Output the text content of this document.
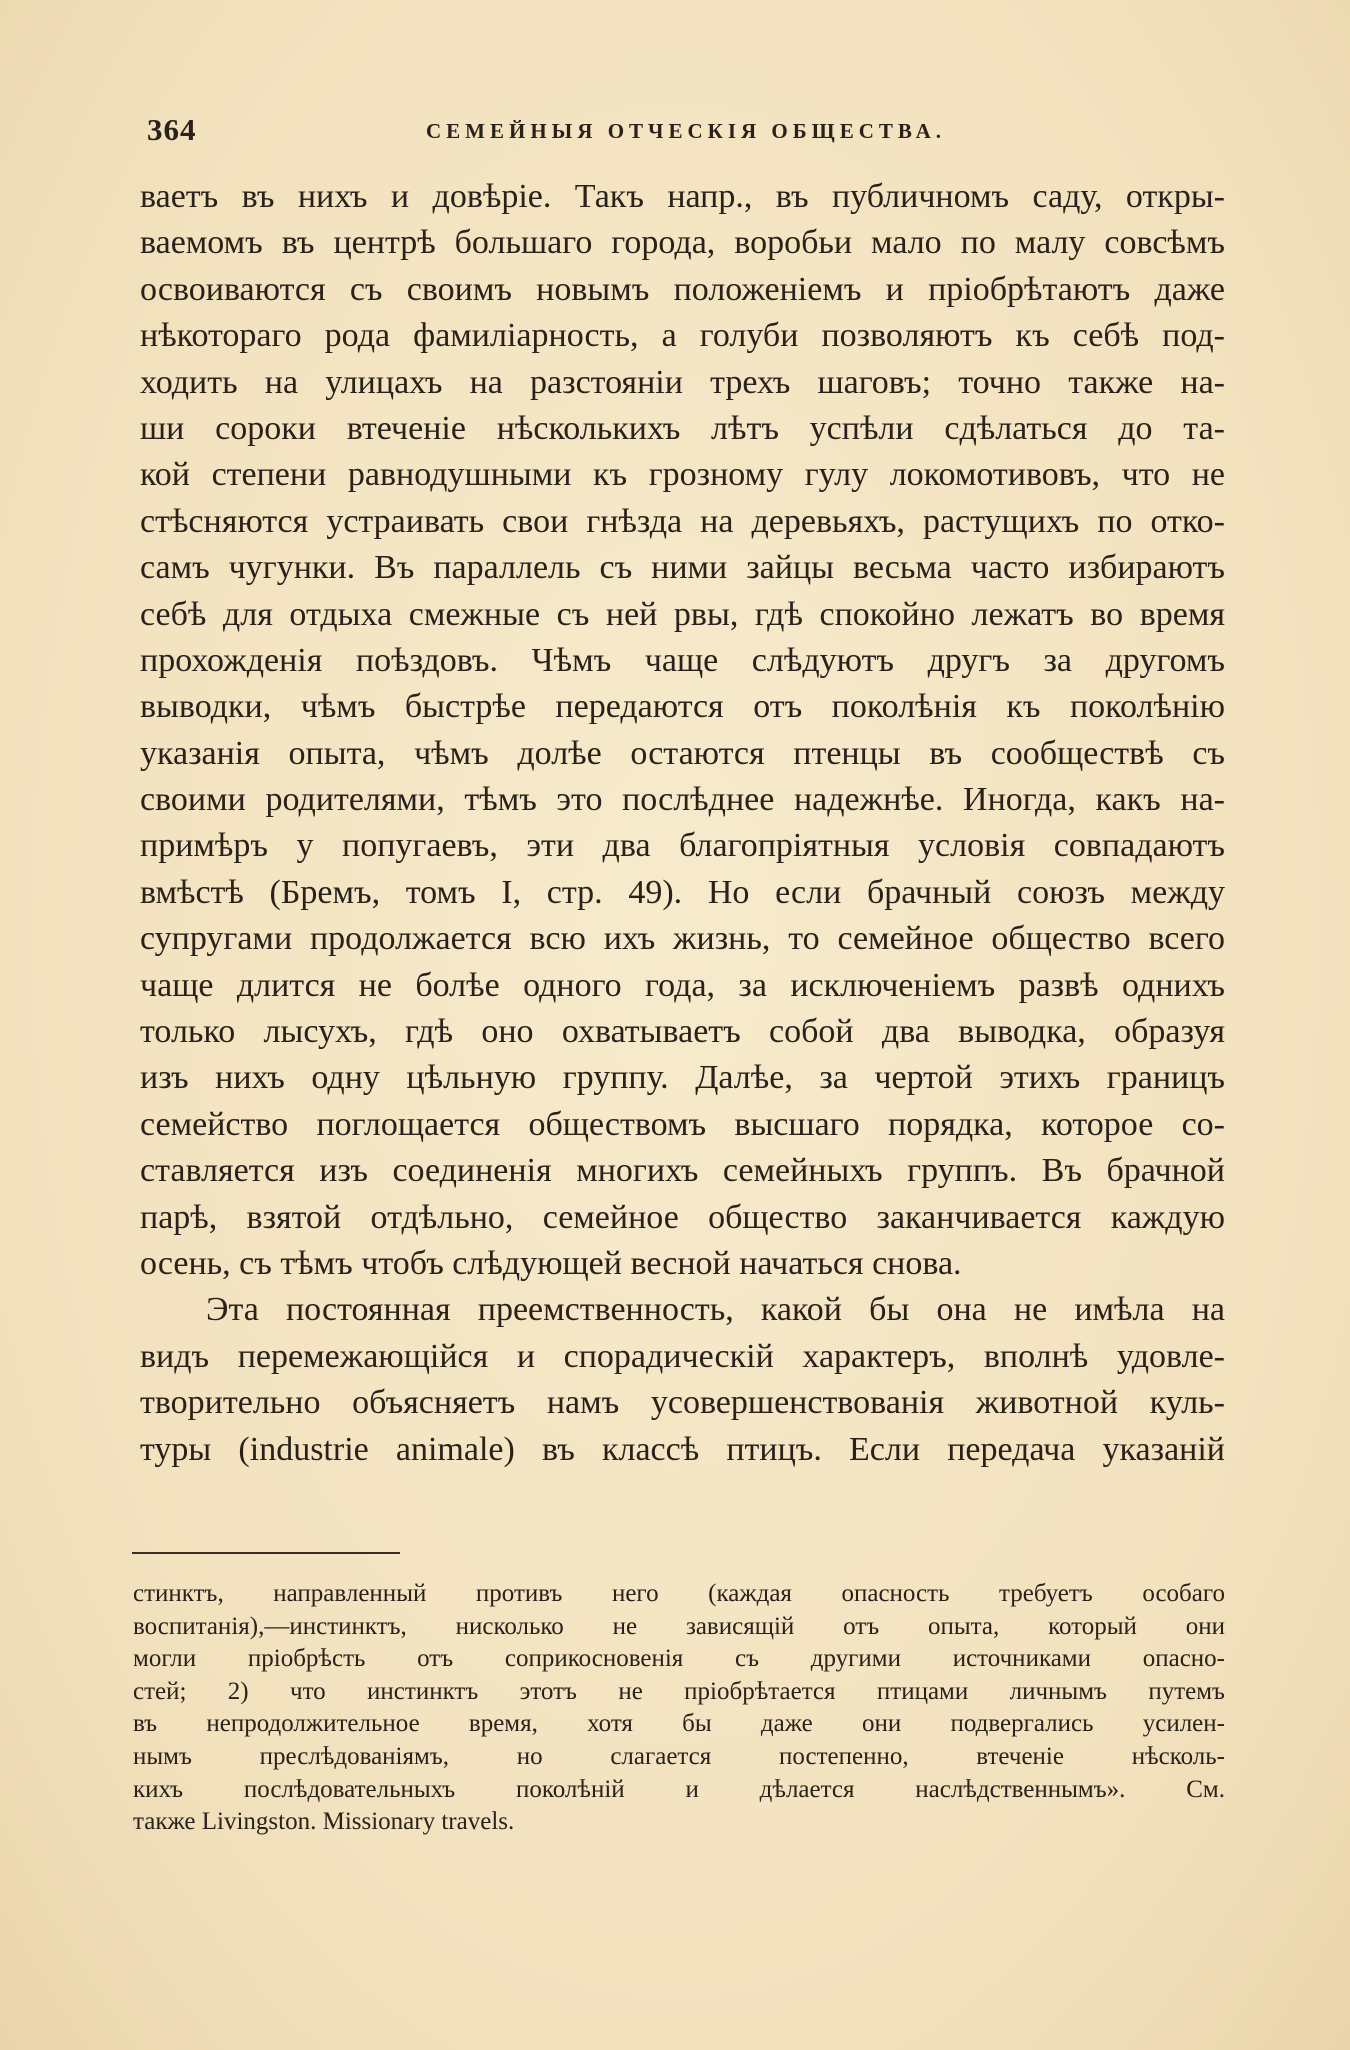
364	СЕМЕЙНЫЯ ОТЧЕСКІЯ ОБЩЕСТВА.
ваетъ въ нихъ и довѣріе. Такъ напр., въ публичномъ саду, откры-
ваемомъ въ центрѣ большаго города, воробьи мало по малу совсѣмъ
освоиваются съ своимъ новымъ положеніемъ и пріобрѣтаютъ даже
нѣкотораго рода фамиліарность, а голуби позволяютъ къ себѣ под-
ходить на улицахъ на разстояніи трехъ шаговъ; точно также на-
ши сороки втеченіе нѣсколькихъ лѣтъ успѣли сдѣлаться до та-
кой степени равнодушными къ грозному гулу локомотивовъ, что не
стѣсняются устраивать свои гнѣзда на деревьяхъ, растущихъ по отко-
самъ чугунки. Въ параллель съ ними зайцы весьма часто избираютъ
себѣ для отдыха смежные съ ней рвы, гдѣ спокойно лежатъ во время
прохожденія поѣздовъ. Чѣмъ чаще слѣдуютъ другъ за другомъ
выводки, чѣмъ быстрѣе передаются отъ поколѣнія къ поколѣнію
указанія опыта, чѣмъ долѣе остаются птенцы въ сообществѣ съ
своими родителями, тѣмъ это послѣднее надежнѣе. Иногда, какъ на-
примѣръ у попугаевъ, эти два благопріятныя условія совпадаютъ
вмѣстѣ (Бремъ, томъ I, стр. 49). Но если брачный союзъ между
супругами продолжается всю ихъ жизнь, то семейное общество всего
чаще длится не болѣе одного года, за исключеніемъ развѣ однихъ
только лысухъ, гдѣ оно охватываетъ собой два выводка, образуя
изъ нихъ одну цѣльную группу. Далѣе, за чертой этихъ границъ
семейство поглощается обществомъ высшаго порядка, которое со-
ставляется изъ соединенія многихъ семейныхъ группъ. Въ брачной
парѣ, взятой отдѣльно, семейное общество заканчивается каждую
осень, съ тѣмъ чтобъ слѣдующей весной начаться снова.
Эта постоянная преемственность, какой бы она не имѣла на
видъ перемежающійся и спорадическій характеръ, вполнѣ удовле-
творительно объясняетъ намъ усовершенствованія животной куль-
туры (industrie animale) въ классѣ птицъ. Если передача указаній
стинктъ, направленный противъ него (каждая опасность требуетъ особаго
воспитанія),—инстинктъ, нисколько не зависящій отъ опыта, который они
могли пріобрѣсть отъ соприкосновенія съ другими источниками опасно-
стей; 2) что инстинктъ этотъ не пріобрѣтается птицами личнымъ путемъ
въ непродолжительное время, хотя бы даже они подвергались усилен-
нымъ преслѣдованіямъ, но слагается постепенно, втеченіе нѣсколь-
кихъ послѣдовательныхъ поколѣній и дѣлается наслѣдственнымъ». См.
также Livingston. Missionary travels.
